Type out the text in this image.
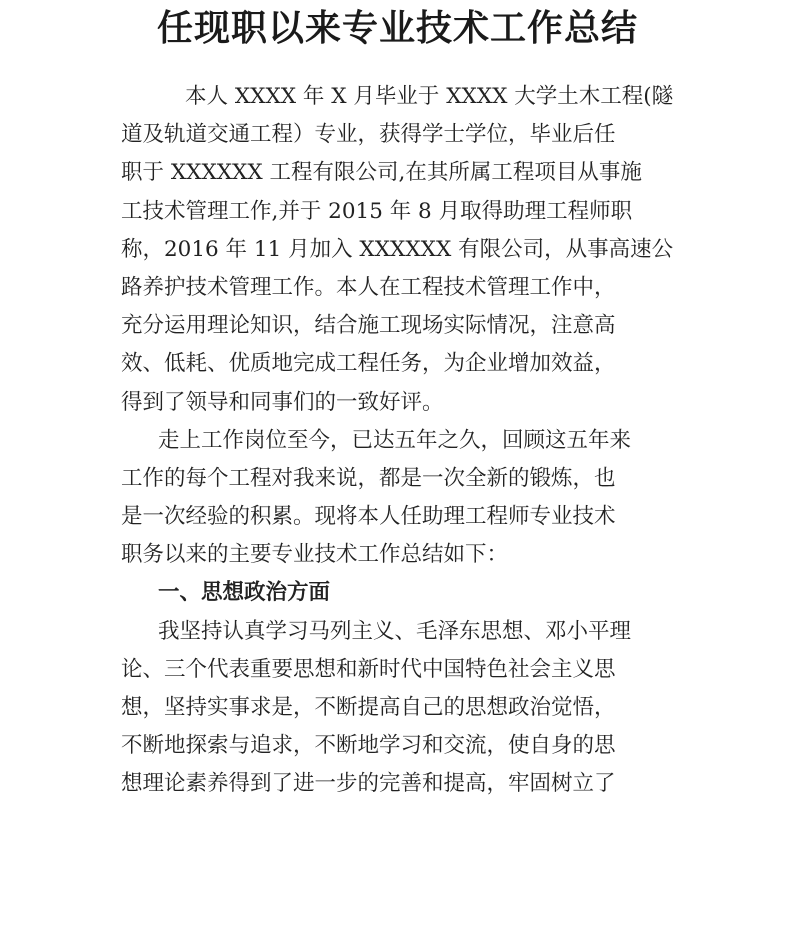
任现职以来专业技术工作总结
本人 XXXX 年 X 月毕业于 XXXX 大学土木工程(隧
道及轨道交通工程）专业，获得学士学位，毕业后任
职于 XXXXXX 工程有限公司,在其所属工程项目从事施
工技术管理工作,并于 2015 年 8 月取得助理工程师职
称，2016 年 11 月加入 XXXXXX 有限公司，从事高速公
路养护技术管理工作。本人在工程技术管理工作中，
充分运用理论知识，结合施工现场实际情况，注意高
效、低耗、优质地完成工程任务，为企业增加效益，
得到了领导和同事们的一致好评。
走上工作岗位至今，已达五年之久，回顾这五年来
工作的每个工程对我来说，都是一次全新的锻炼，也
是一次经验的积累。现将本人任助理工程师专业技术
职务以来的主要专业技术工作总结如下：
一、思想政治方面
我坚持认真学习马列主义、毛泽东思想、邓小平理
论、三个代表重要思想和新时代中国特色社会主义思
想，坚持实事求是，不断提高自己的思想政治觉悟，
不断地探索与追求，不断地学习和交流，使自身的思
想理论素养得到了进一步的完善和提高，牢固树立了
